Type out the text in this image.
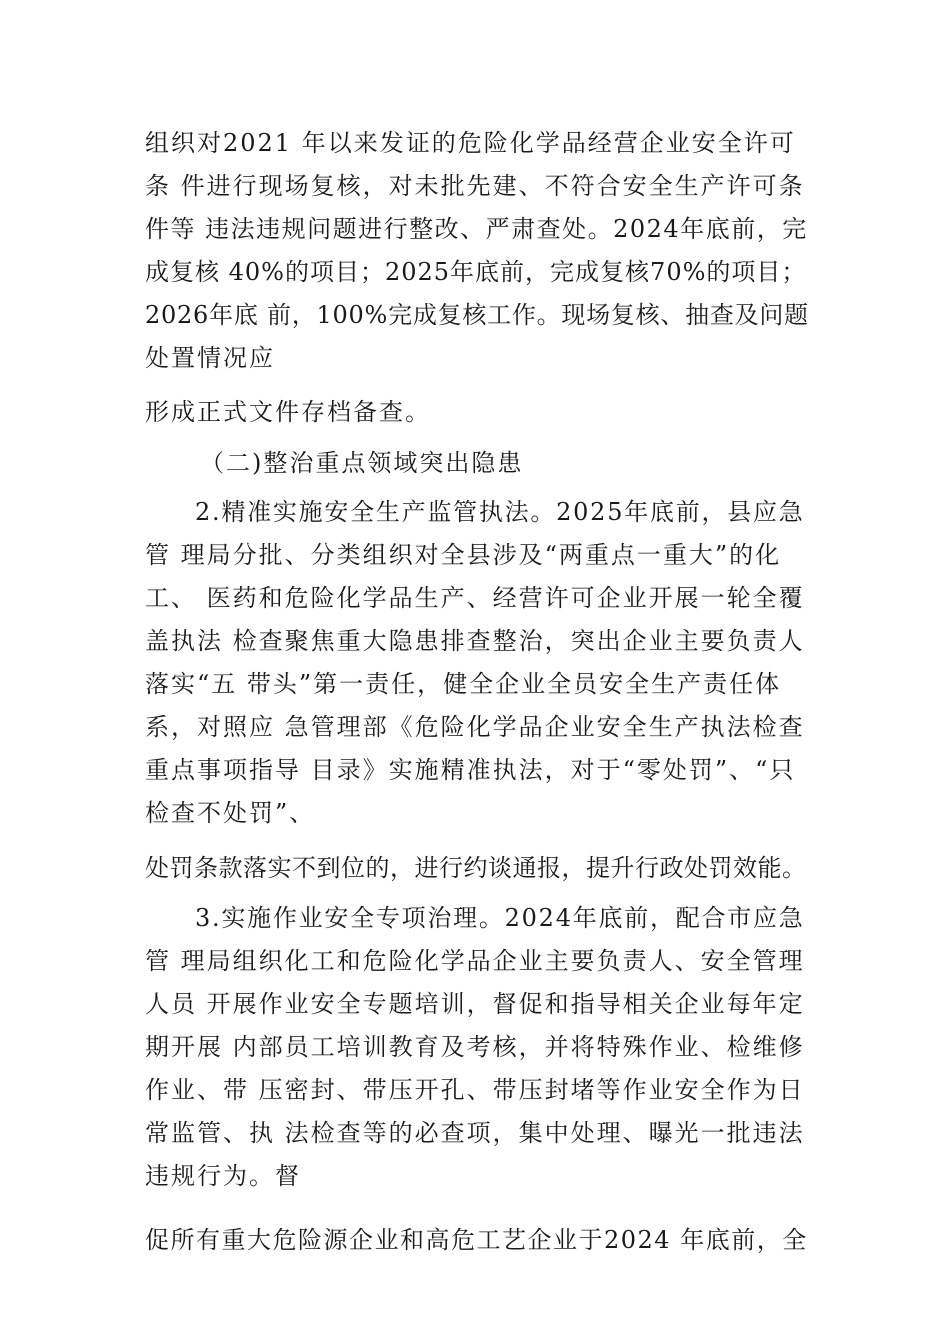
组织对2021 年以来发证的危险化学品经营企业安全许可
条 件进行现场复核，对未批先建、不符合安全生产许可条
件等 违法违规问题进行整改、严肃查处。2024年底前，完
成复核 40%的项目；2025年底前，完成复核70%的项目；
2026年底 前，100%完成复核工作。现场复核、抽查及问题
处置情况应
形成正式文件存档备查。
（二)整治重点领域突出隐患
2.精准实施安全生产监管执法。2025年底前，县应急
管 理局分批、分类组织对全县涉及“两重点一重大”的化
工、 医药和危险化学品生产、经营许可企业开展一轮全覆
盖执法 检查聚焦重大隐患排查整治，突出企业主要负责人
落实“五 带头”第一责任，健全企业全员安全生产责任体
系，对照应 急管理部《危险化学品企业安全生产执法检查
重点事项指导 目录》实施精准执法，对于“零处罚”、“只
检查不处罚”、
处罚条款落实不到位的，进行约谈通报，提升行政处罚效能。
3.实施作业安全专项治理。2024年底前，配合市应急
管 理局组织化工和危险化学品企业主要负责人、安全管理
人员 开展作业安全专题培训，督促和指导相关企业每年定
期开展 内部员工培训教育及考核，并将特殊作业、检维修
作业、带 压密封、带压开孔、带压封堵等作业安全作为日
常监管、执 法检查等的必查项，集中处理、曝光一批违法
违规行为。督
促所有重大危险源企业和高危工艺企业于2024 年底前，全
